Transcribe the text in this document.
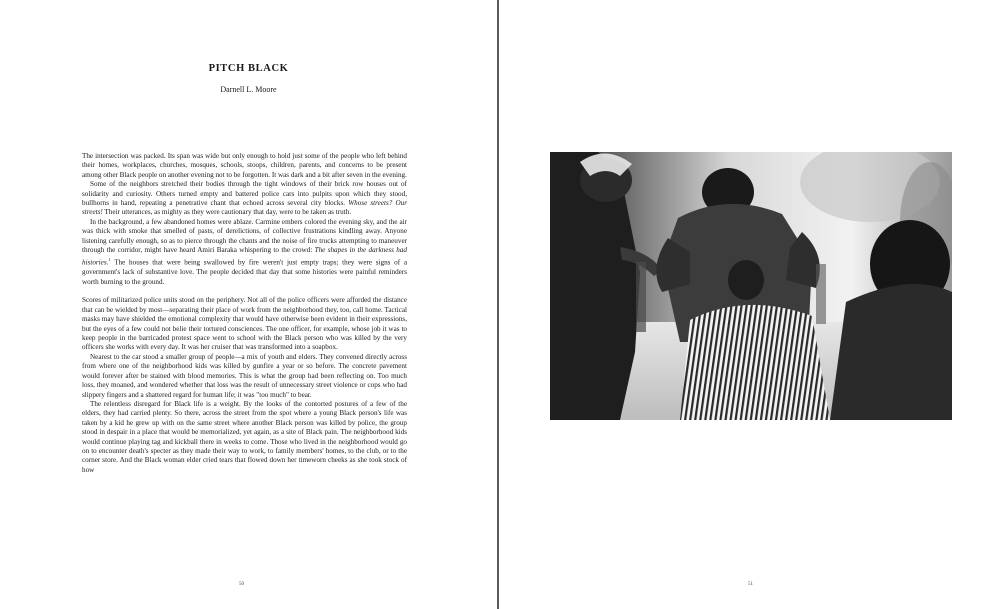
PITCH BLACK
Darnell L. Moore

The intersection was packed. Its span was wide but only enough to hold just some of the people who left behind their homes, workplaces, churches, mosques, schools, stoops, children, parents, and concerns to be present among other Black people on another evening not to be forgotten. It was dark and a bit after seven in the evening.

Some of the neighbors stretched their bodies through the tight windows of their brick row houses out of solidarity and curiosity. Others turned empty and battered police cars into pulpits upon which they stood, bullhorns in hand, repeating a penetrative chant that echoed across several city blocks. Whose streets? Our streets! Their utterances, as mighty as they were cautionary that day, were to be taken as truth.

In the background, a few abandoned homes were ablaze. Carmine embers colored the evening sky, and the air was thick with smoke that smelled of pasts, of derelictions, of collective frustrations kindling away. Anyone listening carefully enough, so as to pierce through the chants and the noise of fire trucks attempting to maneuver through the corridor, might have heard Amiri Baraka whispering to the crowd: The shapes in the darkness had histories.$^1$ The houses that were being swallowed by fire weren't just empty traps; they were signs of a government's lack of substantive love. The people decided that day that some histories were painful reminders worth burning to the ground.

Scores of militarized police units stood on the periphery. Not all of the police officers were afforded the distance that can be wielded by most—separating their place of work from the neighborhood they, too, call home. Tactical masks may have shielded the emotional complexity that would have otherwise been evident in their expressions, but the eyes of a few could not belie their tortured consciences. The one officer, for example, whose job it was to keep people in the barricaded protest space went to school with the Black person who was killed by the very officers she works with every day. It was her cruiser that was transformed into a soapbox.

Nearest to the car stood a smaller group of people—a mix of youth and elders. They convened directly across from where one of the neighborhood kids was killed by gunfire a year or so before. The concrete pavement would forever after be stained with blood memories. This is what the group had been reflecting on. Too much loss, they moaned, and wondered whether that loss was the result of unnecessary street violence or cops who had slippery fingers and a shattered regard for human life; it was "too much" to bear.

The relentless disregard for Black life is a weight. By the looks of the contorted postures of a few of the elders, they had carried plenty. So there, across the street from the spot where a young Black person's life was taken by a kid he grew up with on the same street where another Black person was killed by police, the group stood in despair in a place that would be memorialized, yet again, as a site of Black pain. The neighborhood kids would continue playing tag and kickball there in weeks to come. Those who lived in the neighborhood would go on to encounter death's specter as they made their way to work, to family members' homes, to the club, or to the corner store. And the Black woman elder cried tears that flowed down her timeworn cheeks as she took stock of how

50	51
